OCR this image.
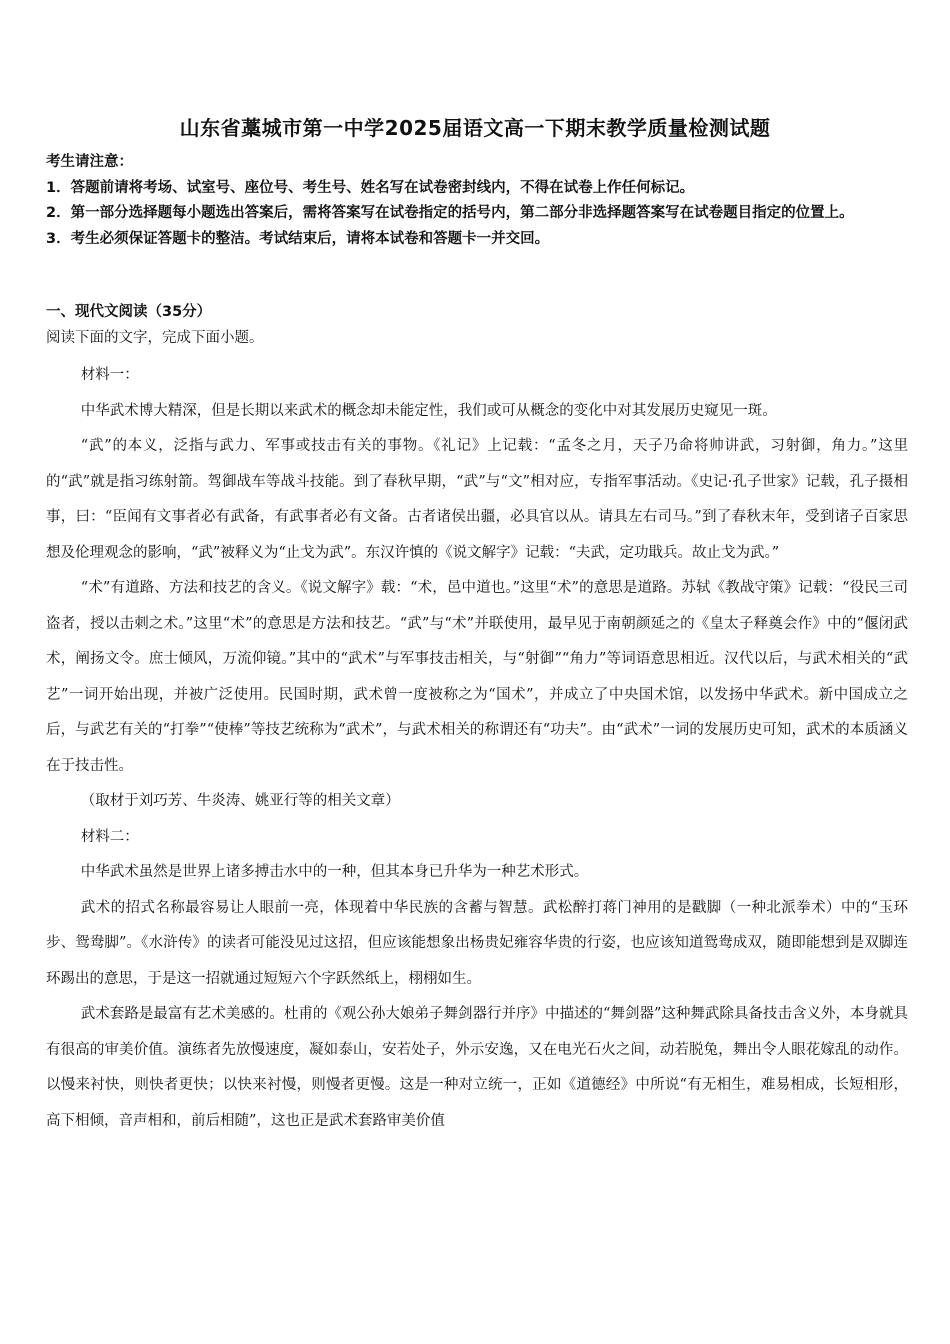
山东省藁城市第一中学2025届语文高一下期末教学质量检测试题

考生请注意：

1．答题前请将考场、试室号、座位号、考生号、姓名写在试卷密封线内，不得在试卷上作任何标记。

2．第一部分选择题每小题选出答案后，需将答案写在试卷指定的括号内，第二部分非选择题答案写在试卷题目指定的位置上。

3．考生必须保证答题卡的整洁。考试结束后，请将本试卷和答题卡一并交回。

一、现代文阅读（35分）

阅读下面的文字，完成下面小题。

材料一：

中华武术博大精深，但是长期以来武术的概念却未能定性，我们或可从概念的变化中对其发展历史窥见一斑。

“武”的本义，泛指与武力、军事或技击有关的事物。《礼记》上记载：“孟冬之月，天子乃命将帅讲武，习射御，角力。”这里的“武”就是指习练射箭。驾御战车等战斗技能。到了春秋早期，“武”与“文”相对应，专指军事活动。《史记·孔子世家》记载，孔子摄相事，曰：“臣闻有文事者必有武备，有武事者必有文备。古者诸侯出疆，必具官以从。请具左右司马。”到了春秋末年，受到诸子百家思想及伦理观念的影响，“武”被释义为“止戈为武”。东汉许慎的《说文解字》记载：“夫武，定功戢兵。故止戈为武。”

“术”有道路、方法和技艺的含义。《说文解字》载：“术，邑中道也。”这里“术”的意思是道路。苏轼《教战守策》记载：“役民三司盗者，授以击刺之术。”这里“术”的意思是方法和技艺。“武”与“术”并联使用，最早见于南朝颜延之的《皇太子释奠会作》中的“偃闭武术，阐扬文令。庶士倾风，万流仰镜。”其中的“武术”与军事技击相关，与“射御”“角力”等词语意思相近。汉代以后，与武术相关的“武艺”一词开始出现，并被广泛使用。民国时期，武术曾一度被称之为“国术”，并成立了中央国术馆，以发扬中华武术。新中国成立之后，与武艺有关的“打拳”“使棒”等技艺统称为“武术”，与武术相关的称谓还有“功夫”。由“武术”一词的发展历史可知，武术的本质涵义在于技击性。

（取材于刘巧芳、牛炎涛、姚亚行等的相关文章）

材料二：

中华武术虽然是世界上诸多搏击水中的一种，但其本身已升华为一种艺术形式。

武术的招式名称最容易让人眼前一亮，体现着中华民族的含蓄与智慧。武松醉打蒋门神用的是戳脚（一种北派拳术）中的“玉环步、鸳鸯脚”。《水浒传》的读者可能没见过这招，但应该能想象出杨贵妃雍容华贵的行姿，也应该知道鸳鸯成双，随即能想到是双脚连环踢出的意思，于是这一招就通过短短六个字跃然纸上，栩栩如生。

武术套路是最富有艺术美感的。杜甫的《观公孙大娘弟子舞剑器行并序》中描述的“舞剑器”这种舞武除具备技击含义外，本身就具有很高的审美价值。演练者先放慢速度，凝如泰山，安若处子，外示安逸，又在电光石火之间，动若脱兔，舞出令人眼花嫁乱的动作。以慢来衬快，则快者更快；以快来衬慢，则慢者更慢。这是一种对立统一，正如《道德经》中所说“有无相生，难易相成，长短相形，高下相倾，音声相和，前后相随”，这也正是武术套路审美价值
